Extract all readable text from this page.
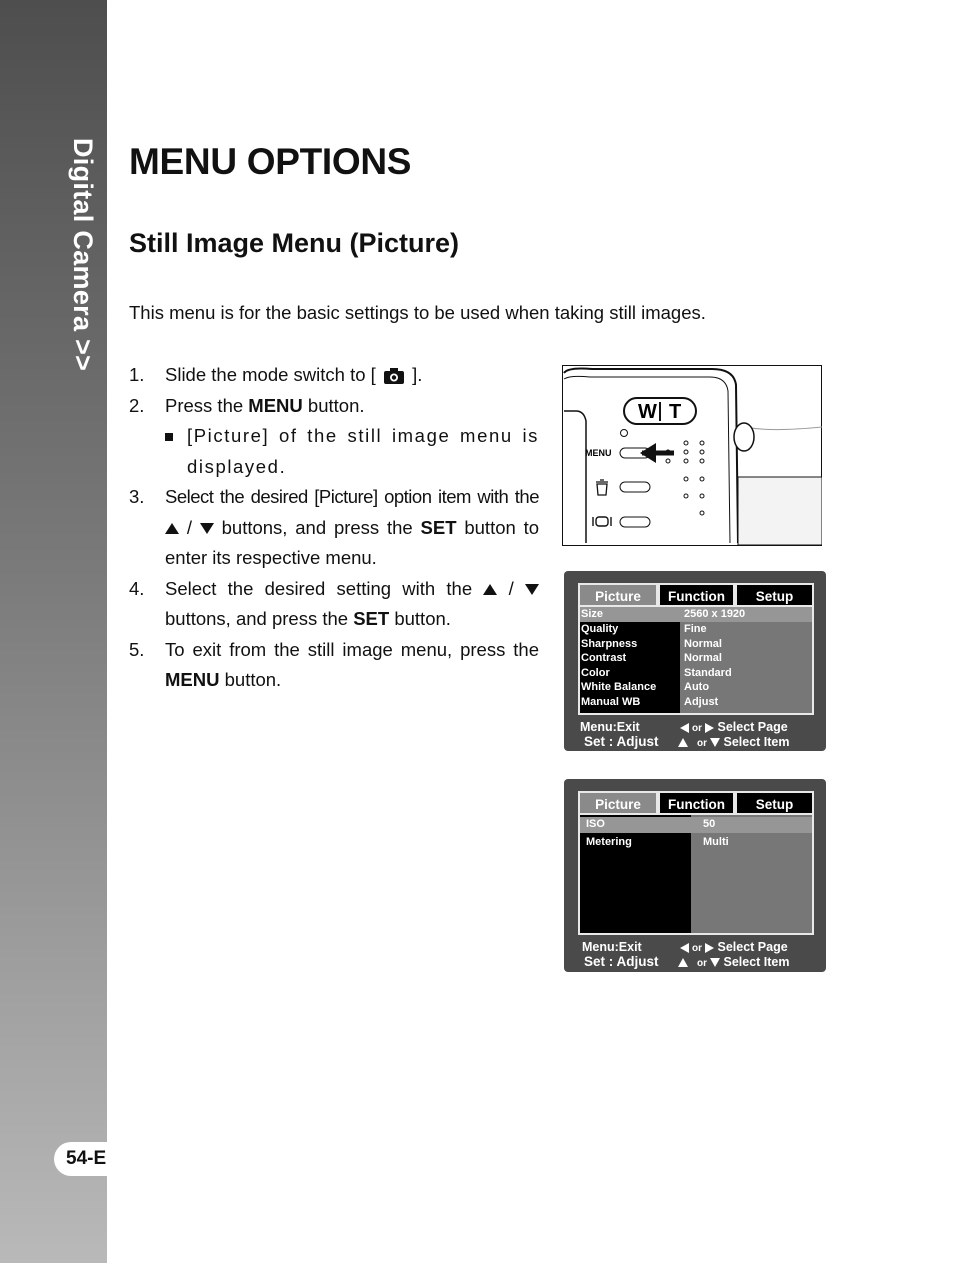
Digital Camera >>
54-E
MENU OPTIONS
Still Image Menu (Picture)

This menu is for the basic settings to be used when taking still images.

1.	Slide the mode switch to [ ].
2.	Press the MENU button.
[Picture] of the still image menu is displayed.
3.	Select the desired [Picture] option item with the  / buttons, and press the SET button to enter its respective menu.
4.	Select the desired setting with the /  buttons, and press the SET button.
5.	To exit from the still image menu, press the MENU button.
W T
MENU
Picture	Function	Setup
Size	2560 x 1920
Quality	Fine
Sharpness	Normal
Contrast	Normal
Color	Standard
White Balance	Auto
Manual WB	Adjust
Menu:Exit	or Select Page
Set : Adjust	or Select Item
Picture	Function	Setup
ISO	50
Metering	Multi
Menu:Exit	or Select Page
Set : Adjust	or Select Item
